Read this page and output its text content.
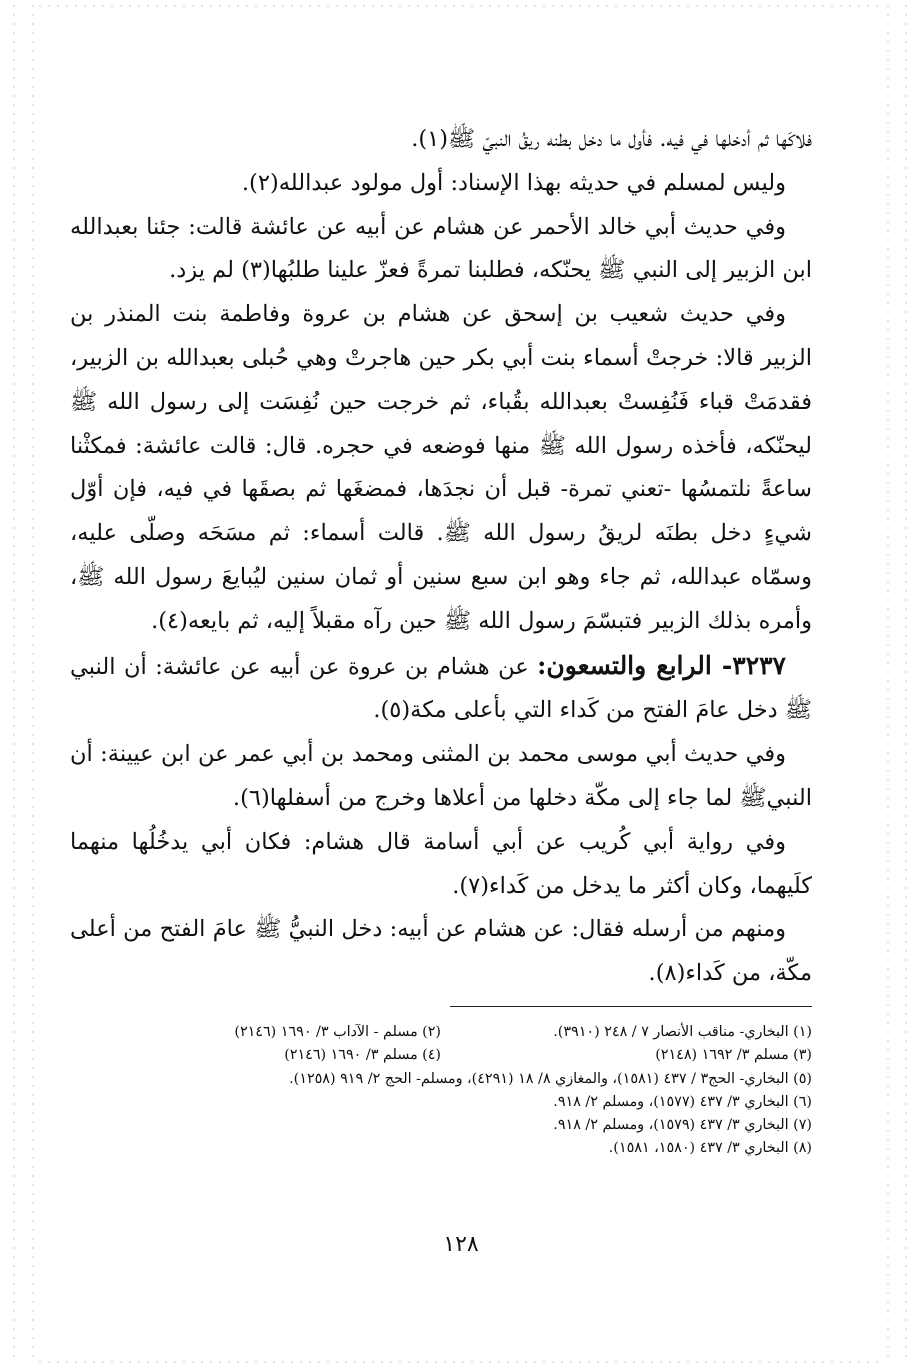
فلاكَها ثم أدخلها في فيه. فأول ما دخل بطنه ريقُ النبيّ ﷺ(١).

وليس لمسلم في حديثه بهذا الإسناد: أول مولود عبدالله(٢).

وفي حديث أبي خالد الأحمر عن هشام عن أبيه عن عائشة قالت: جئنا بعبدالله ابن الزبير إلى النبي ﷺ يحنّكه، فطلبنا تمرةً فعزّ علينا طلبُها(٣) لم يزد.

وفي حديث شعيب بن إسحق عن هشام بن عروة وفاطمة بنت المنذر بن الزبير قالا: خرجتْ أسماء بنت أبي بكر حين هاجرتْ وهي حُبلى بعبدالله بن الزبير، فقدمَتْ قباء فَنُفِستْ بعبدالله بقُباء، ثم خرجت حين نُفِسَت إلى رسول الله ﷺ ليحنّكه، فأخذه رسول الله ﷺ منها فوضعه في حجره. قال: قالت عائشة: فمكثْنا ساعةً نلتمسُها -تعني تمرة- قبل أن نجدَها، فمضغَها ثم بصقَها في فيه، فإن أوّل شيءٍ دخل بطنَه لريقُ رسول الله ﷺ. قالت أسماء: ثم مسَحَه وصلّى عليه، وسمّاه عبدالله، ثم جاء وهو ابن سبع سنين أو ثمان سنين ليُبايعَ رسول الله ﷺ، وأمره بذلك الزبير فتبسّمَ رسول الله ﷺ حين رآه مقبلاً إليه، ثم بايعه(٤).

٣٢٣٧- الرابع والتسعون: عن هشام بن عروة عن أبيه عن عائشة: أن النبي ﷺ دخل عامَ الفتح من كَداء التي بأعلى مكة(٥).

وفي حديث أبي موسى محمد بن المثنى ومحمد بن أبي عمر عن ابن عيينة: أن النبيﷺ لما جاء إلى مكّة دخلها من أعلاها وخرج من أسفلها(٦).

وفي رواية أبي كُريب عن أبي أسامة قال هشام: فكان أبي يدخُلُها منهما كلَيهما، وكان أكثر ما يدخل من كَداء(٧).

ومنهم من أرسله فقال: عن هشام عن أبيه: دخل النبيُّ ﷺ عامَ الفتح من أعلى مكّة، من كَداء(٨).

(١) البخاري- مناقب الأنصار ٧ / ٢٤٨ (٣٩١٠).
(٢) مسلم - الآداب ٣/ ١٦٩٠ (٢١٤٦)
(٣) مسلم ٣/ ١٦٩٢ (٢١٤٨)
(٤) مسلم ٣/ ١٦٩٠ (٢١٤٦)
(٥) البخاري- الحج٣ / ٤٣٧ (١٥٨١)، والمغازي ٨/ ١٨ (٤٢٩١)، ومسلم- الحج ٢/ ٩١٩ (١٢٥٨).
(٦) البخاري ٣/ ٤٣٧ (١٥٧٧)، ومسلم ٢/ ٩١٨.
(٧) البخاري ٣/ ٤٣٧ (١٥٧٩)، ومسلم ٢/ ٩١٨.
(٨) البخاري ٣/ ٤٣٧ (١٥٨٠، ١٥٨١).
١٢٨
